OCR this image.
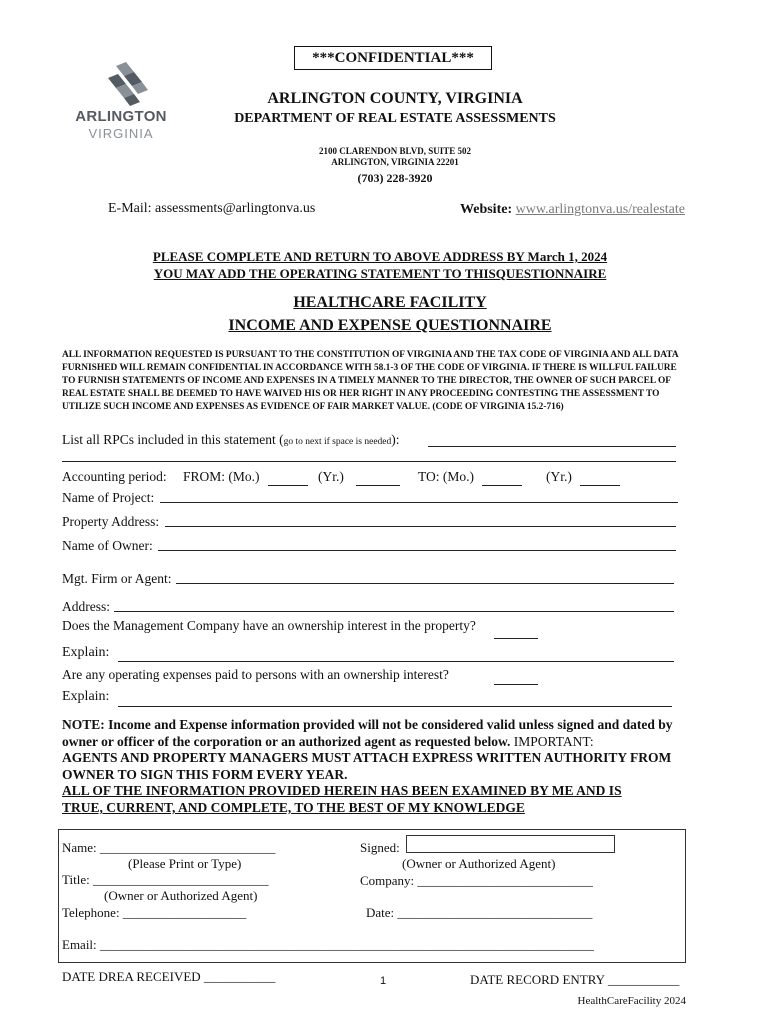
***CONFIDENTIAL***
ARLINGTON
VIRGINIA
ARLINGTON COUNTY, VIRGINIA
DEPARTMENT OF REAL ESTATE ASSESSMENTS
2100 CLARENDON BLVD, SUITE 502
ARLINGTON, VIRGINIA 22201
(703) 228-3920
E-Mail: assessments@arlingtonva.us	Website: www.arlingtonva.us/realestate
PLEASE COMPLETE AND RETURN TO ABOVE ADDRESS BY March 1, 2024
YOU MAY ADD THE OPERATING STATEMENT TO THISQUESTIONNAIRE
HEALTHCARE FACILITY
INCOME AND EXPENSE QUESTIONNAIRE
ALL INFORMATION REQUESTED IS PURSUANT TO THE CONSTITUTION OF VIRGINIA AND THE TAX CODE OF VIRGINIA AND ALL DATA FURNISHED WILL REMAIN CONFIDENTIAL IN ACCORDANCE WITH 58.1-3 OF THE CODE OF VIRGINIA. IF THERE IS WILLFUL FAILURE TO FURNISH STATEMENTS OF INCOME AND EXPENSES IN A TIMELY MANNER TO THE DIRECTOR, THE OWNER OF SUCH PARCEL OF REAL ESTATE SHALL BE DEEMED TO HAVE WAIVED HIS OR HER RIGHT IN ANY PROCEEDING CONTESTING THE ASSESSMENT TO UTILIZE SUCH INCOME AND EXPENSES AS EVIDENCE OF FAIR MARKET VALUE. (CODE OF VIRGINIA 15.2-716)
List all RPCs included in this statement (go to next if space is needed):
Accounting period: FROM: (Mo.)	(Yr.)	TO: (Mo.)	(Yr.)
Name of Project:
Property Address:
Name of Owner:
Mgt. Firm or Agent:
Address:
Does the Management Company have an ownership interest in the property?
Explain:
Are any operating expenses paid to persons with an ownership interest?
Explain:
NOTE: Income and Expense information provided will not be considered valid unless signed and dated by owner or officer of the corporation or an authorized agent as requested below. IMPORTANT:
AGENTS AND PROPERTY MANAGERS MUST ATTACH EXPRESS WRITTEN AUTHORITY FROM OWNER TO SIGN THIS FORM EVERY YEAR.
ALL OF THE INFORMATION PROVIDED HEREIN HAS BEEN EXAMINED BY ME AND IS
TRUE, CURRENT, AND COMPLETE, TO THE BEST OF MY KNOWLEDGE
Name: ___________________________
(Please Print or Type)
Title: ___________________________
(Owner or Authorized Agent)
Telephone: ___________________
Signed:
(Owner or Authorized Agent)
Company: ___________________________
Date: ______________________________
Email: ____________________________________________________________________________
DATE DREA RECEIVED ___________	1	DATE RECORD ENTRY ___________
HealthCareFacility 2024
